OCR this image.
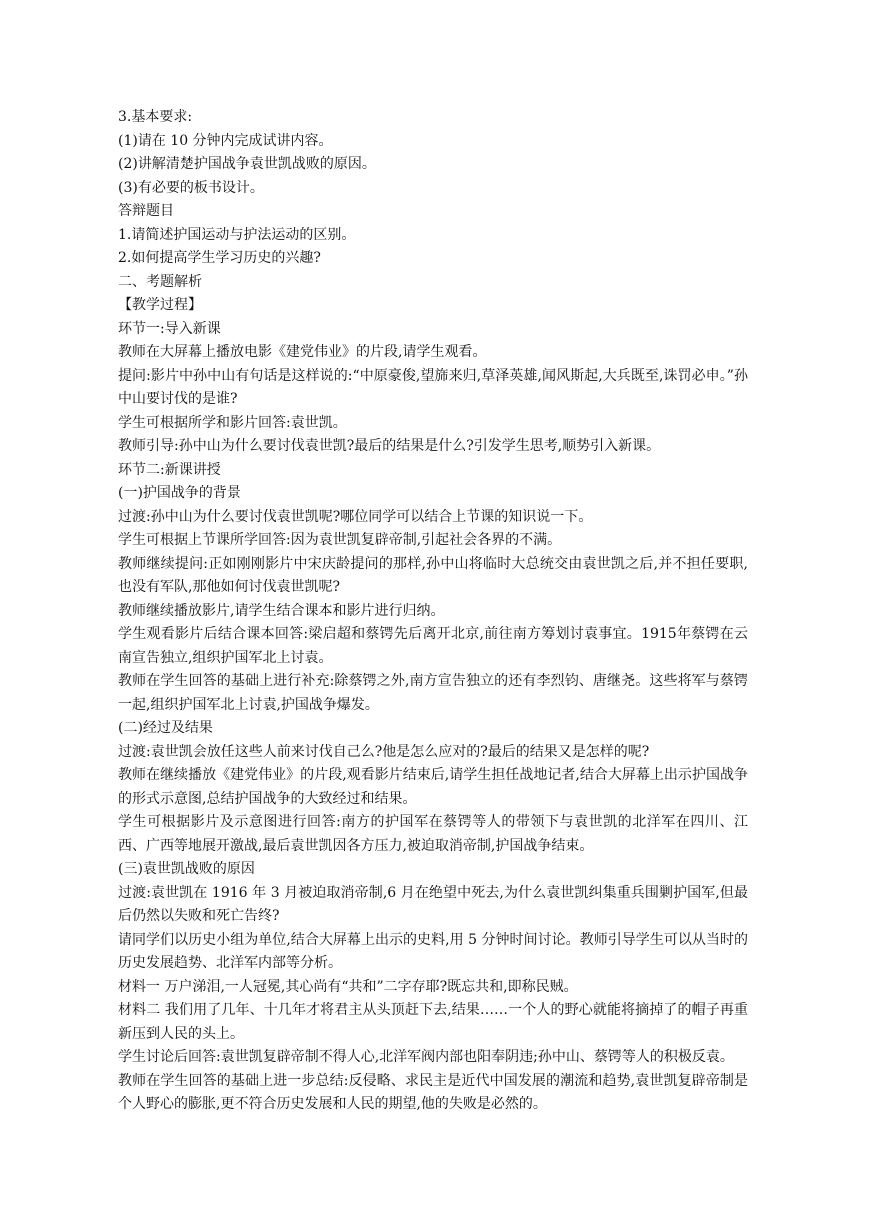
3.基本要求:
(1)请在 10 分钟内完成试讲内容。
(2)讲解清楚护国战争袁世凯战败的原因。
(3)有必要的板书设计。
答辩题目
1.请简述护国运动与护法运动的区别。
2.如何提高学生学习历史的兴趣?
二、考题解析
【教学过程】
环节一:导入新课
教师在大屏幕上播放电影《建党伟业》的片段,请学生观看。
提问:影片中孙中山有句话是这样说的:“中原豪俊,望旆来归,草泽英雄,闻风斯起,大兵既至,诛罚必申。”孙中山要讨伐的是谁?
学生可根据所学和影片回答:袁世凯。
教师引导:孙中山为什么要讨伐袁世凯?最后的结果是什么?引发学生思考,顺势引入新课。
环节二:新课讲授
(一)护国战争的背景
过渡:孙中山为什么要讨伐袁世凯呢?哪位同学可以结合上节课的知识说一下。
学生可根据上节课所学回答:因为袁世凯复辟帝制,引起社会各界的不满。
教师继续提问:正如刚刚影片中宋庆龄提问的那样,孙中山将临时大总统交由袁世凯之后,并不担任要职,也没有军队,那他如何讨伐袁世凯呢?
教师继续播放影片,请学生结合课本和影片进行归纳。
学生观看影片后结合课本回答:梁启超和蔡锷先后离开北京,前往南方筹划讨袁事宜。1915年蔡锷在云南宣告独立,组织护国军北上讨袁。
教师在学生回答的基础上进行补充:除蔡锷之外,南方宣告独立的还有李烈钧、唐继尧。这些将军与蔡锷一起,组织护国军北上讨袁,护国战争爆发。
(二)经过及结果
过渡:袁世凯会放任这些人前来讨伐自己么?他是怎么应对的?最后的结果又是怎样的呢?
教师在继续播放《建党伟业》的片段,观看影片结束后,请学生担任战地记者,结合大屏幕上出示护国战争的形式示意图,总结护国战争的大致经过和结果。
学生可根据影片及示意图进行回答:南方的护国军在蔡锷等人的带领下与袁世凯的北洋军在四川、江西、广西等地展开激战,最后袁世凯因各方压力,被迫取消帝制,护国战争结束。
(三)袁世凯战败的原因
过渡:袁世凯在 1916 年 3 月被迫取消帝制,6 月在绝望中死去,为什么袁世凯纠集重兵围剿护国军,但最后仍然以失败和死亡告终?
请同学们以历史小组为单位,结合大屏幕上出示的史料,用 5 分钟时间讨论。教师引导学生可以从当时的历史发展趋势、北洋军内部等分析。
材料一 万户涕泪,一人冠冕,其心尚有“共和”二字存耶?既忘共和,即称民贼。
材料二 我们用了几年、十几年才将君主从头顶赶下去,结果……一个人的野心就能将摘掉了的帽子再重新压到人民的头上。
学生讨论后回答:袁世凯复辟帝制不得人心,北洋军阀内部也阳奉阴违;孙中山、蔡锷等人的积极反袁。
教师在学生回答的基础上进一步总结:反侵略、求民主是近代中国发展的潮流和趋势,袁世凯复辟帝制是个人野心的膨胀,更不符合历史发展和人民的期望,他的失败是必然的。
